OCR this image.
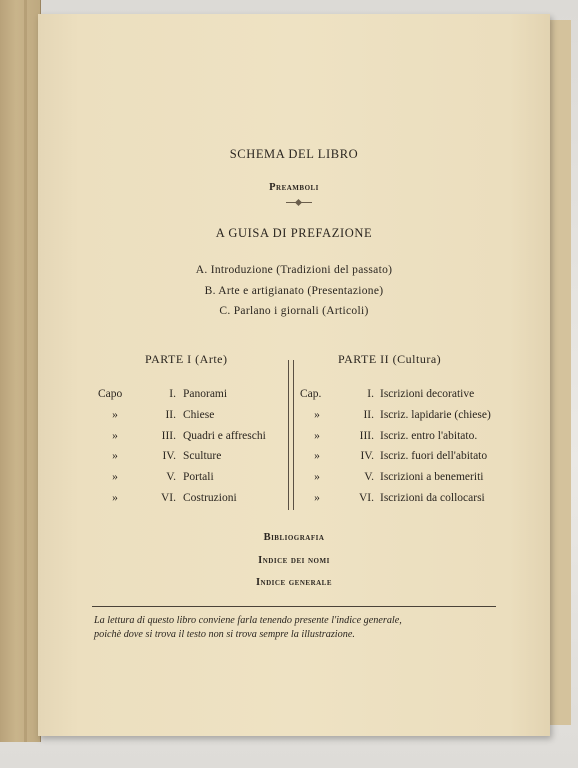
SCHEMA DEL LIBRO
Preamboli
A GUISA DI PREFAZIONE
A. Introduzione (Tradizioni del passato)
B. Arte e artigianato (Presentazione)
C. Parlano i giornali (Articoli)
PARTE I (Arte)	PARTE II (Cultura)
Capo	I. Panorami
»	II. Chiese
»	III. Quadri e affreschi
»	IV. Sculture
»	V. Portali
»	VI. Costruzioni
Cap.	I. Iscrizioni decorative
»	II. Iscriz. lapidarie (chiese)
»	III. Iscriz. entro l'abitato.
»	IV. Iscriz. fuori dell'abitato
»	V. Iscrizioni a benemeriti
»	VI. Iscrizioni da collocarsi
Bibliografia
Indice dei nomi
Indice generale
La lettura di questo libro conviene farla tenendo presente l'indice generale,
poichè dove si trova il testo non si trova sempre la illustrazione.
